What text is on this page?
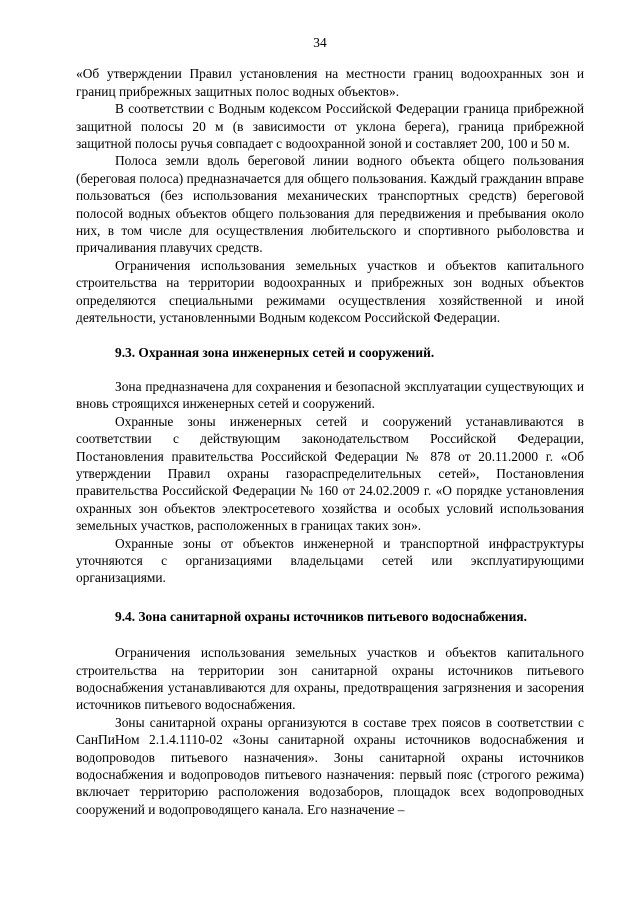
34

«Об утверждении Правил установления на местности границ водоохранных зон и границ прибрежных защитных полос водных объектов».

В соответствии с Водным кодексом Российской Федерации граница прибрежной защитной полосы 20 м (в зависимости от уклона берега), граница прибрежной защитной полосы ручья совпадает с водоохранной зоной и составляет 200, 100 и 50 м.

Полоса земли вдоль береговой линии водного объекта общего пользования (береговая полоса) предназначается для общего пользования. Каждый гражданин вправе пользоваться (без использования механических транспортных средств) береговой полосой водных объектов общего пользования для передвижения и пребывания около них, в том числе для осуществления любительского и спортивного рыболовства и причаливания плавучих средств.

Ограничения использования земельных участков и объектов капитального строительства на территории водоохранных и прибрежных зон водных объектов определяются специальными режимами осуществления хозяйственной и иной деятельности, установленными Водным кодексом Российской Федерации.

9.3. Охранная зона инженерных сетей и сооружений.

Зона предназначена для сохранения и безопасной эксплуатации существующих и вновь строящихся инженерных сетей и сооружений.

Охранные зоны инженерных сетей и сооружений устанавливаются в соответствии с действующим законодательством Российской Федерации, Постановления правительства Российской Федерации № 878 от 20.11.2000 г. «Об утверждении Правил охраны газораспределительных сетей», Постановления правительства Российской Федерации № 160 от 24.02.2009 г. «О порядке установления охранных зон объектов электросетевого хозяйства и особых условий использования земельных участков, расположенных в границах таких зон».

Охранные зоны от объектов инженерной и транспортной инфраструктуры уточняются с организациями владельцами сетей или эксплуатирующими организациями.

9.4. Зона санитарной охраны источников питьевого водоснабжения.

Ограничения использования земельных участков и объектов капитального строительства на территории зон санитарной охраны источников питьевого водоснабжения устанавливаются для охраны, предотвращения загрязнения и засорения источников питьевого водоснабжения.

Зоны санитарной охраны организуются в составе трех поясов в соответствии с СанПиНом 2.1.4.1110-02 «Зоны санитарной охраны источников водоснабжения и водопроводов питьевого назначения». Зоны санитарной охраны источников водоснабжения и водопроводов питьевого назначения: первый пояс (строгого режима) включает территорию расположения водозаборов, площадок всех водопроводных сооружений и водопроводящего канала. Его назначение –
